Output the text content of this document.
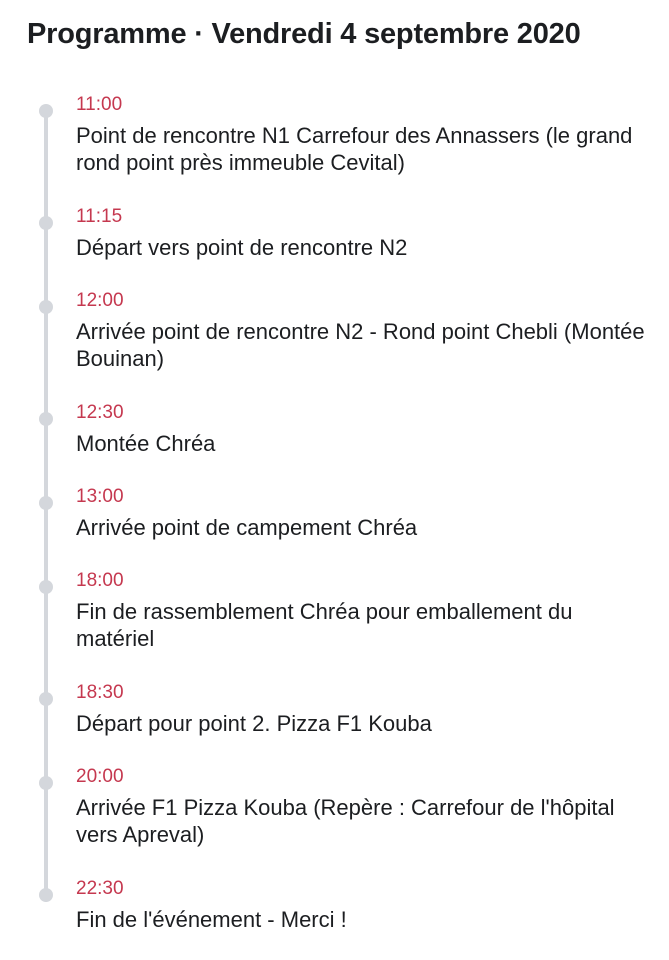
Programme · Vendredi 4 septembre 2020
11:00
Point de rencontre N1 Carrefour des Annassers (le grand rond point près immeuble Cevital)
11:15
Départ vers point de rencontre N2
12:00
Arrivée point de rencontre N2 - Rond point Chebli (Montée Bouinan)
12:30
Montée Chréa
13:00
Arrivée point de campement Chréa
18:00
Fin de rassemblement Chréa pour emballement du matériel
18:30
Départ pour point 2. Pizza F1 Kouba
20:00
Arrivée F1 Pizza Kouba (Repère : Carrefour de l'hôpital vers Apreval)
22:30
Fin de l'événement - Merci !
